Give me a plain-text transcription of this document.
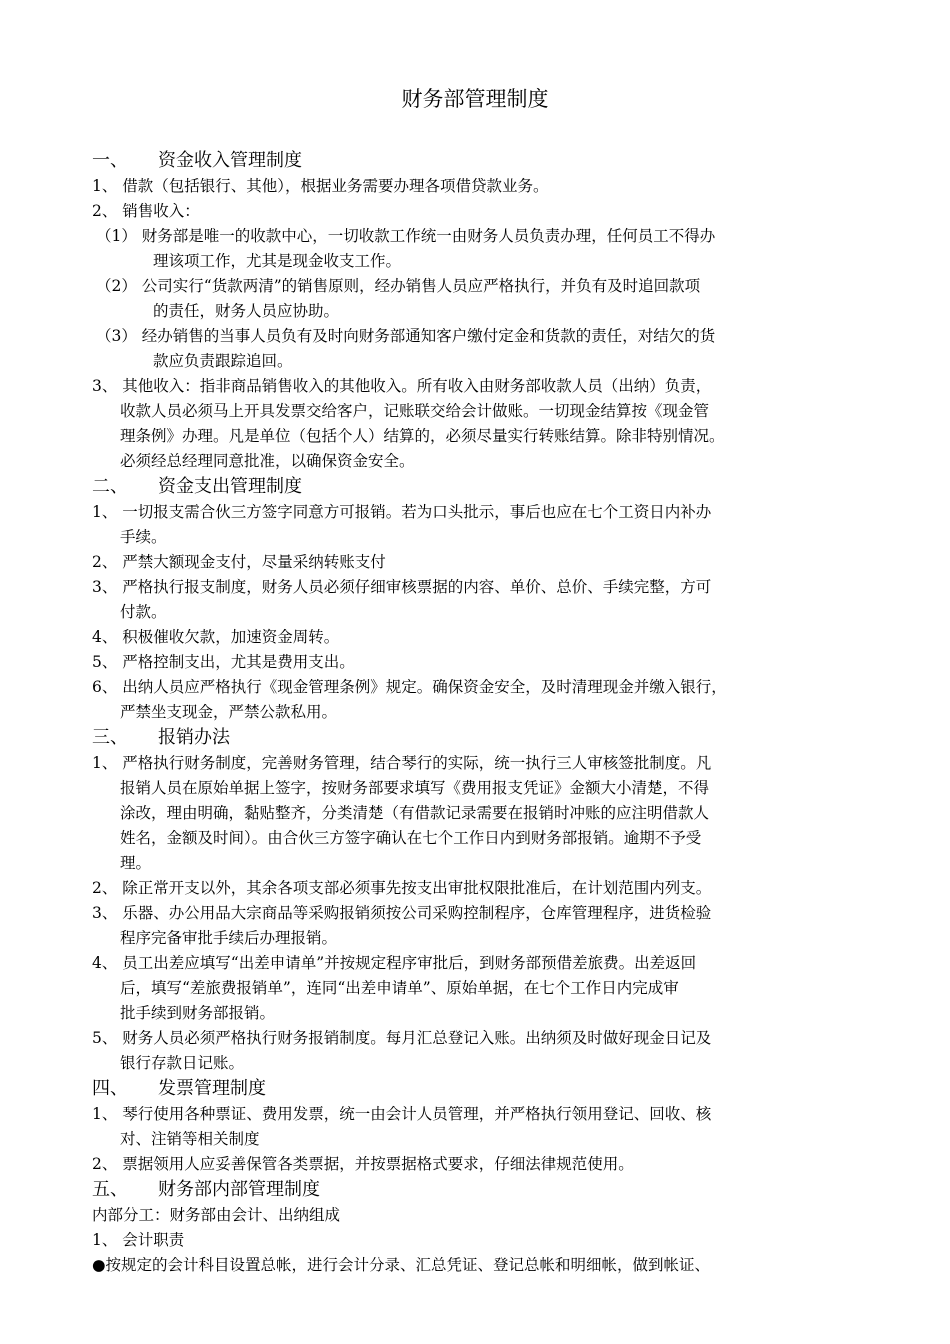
财务部管理制度
一、 资金收入管理制度
1、 借款（包括银行、其他），根据业务需要办理各项借贷款业务。
2、 销售收入：
（1） 财务部是唯一的收款中心，一切收款工作统一由财务人员负责办理，任何员工不得办
理该项工作，尤其是现金收支工作。
（2） 公司实行“货款两清”的销售原则，经办销售人员应严格执行，并负有及时追回款项
的责任，财务人员应协助。
（3） 经办销售的当事人员负有及时向财务部通知客户缴付定金和货款的责任，对结欠的货
款应负责跟踪追回。
3、 其他收入：指非商品销售收入的其他收入。所有收入由财务部收款人员（出纳）负责，
收款人员必须马上开具发票交给客户，记账联交给会计做账。一切现金结算按《现金管
理条例》办理。凡是单位（包括个人）结算的，必须尽量实行转账结算。除非特别情况。
必须经总经理同意批准，以确保资金安全。
二、 资金支出管理制度
1、 一切报支需合伙三方签字同意方可报销。若为口头批示，事后也应在七个工资日内补办
手续。
2、 严禁大额现金支付，尽量采纳转账支付
3、 严格执行报支制度，财务人员必须仔细审核票据的内容、单价、总价、手续完整，方可
付款。
4、 积极催收欠款，加速资金周转。
5、 严格控制支出，尤其是费用支出。
6、 出纳人员应严格执行《现金管理条例》规定。确保资金安全，及时清理现金并缴入银行，
严禁坐支现金，严禁公款私用。
三、 报销办法
1、 严格执行财务制度，完善财务管理，结合琴行的实际，统一执行三人审核签批制度。凡
报销人员在原始单据上签字，按财务部要求填写《费用报支凭证》金额大小清楚，不得
涂改，理由明确，黏贴整齐，分类清楚（有借款记录需要在报销时冲账的应注明借款人
姓名，金额及时间）。由合伙三方签字确认在七个工作日内到财务部报销。逾期不予受
理。
2、 除正常开支以外，其余各项支部必须事先按支出审批权限批准后，在计划范围内列支。
3、 乐器、办公用品大宗商品等采购报销须按公司采购控制程序，仓库管理程序，进货检验
程序完备审批手续后办理报销。
4、 员工出差应填写“出差申请单”并按规定程序审批后，到财务部预借差旅费。出差返回
后，填写“差旅费报销单”，连同“出差申请单”、原始单据，在七个工作日内完成审
批手续到财务部报销。
5、 财务人员必须严格执行财务报销制度。每月汇总登记入账。出纳须及时做好现金日记及
银行存款日记账。
四、 发票管理制度
1、 琴行使用各种票证、费用发票，统一由会计人员管理，并严格执行领用登记、回收、核
对、注销等相关制度
2、 票据领用人应妥善保管各类票据，并按票据格式要求，仔细法律规范使用。
五、 财务部内部管理制度
内部分工：财务部由会计、出纳组成
1、 会计职责
●按规定的会计科目设置总帐，进行会计分录、汇总凭证、登记总帐和明细帐，做到帐证、
